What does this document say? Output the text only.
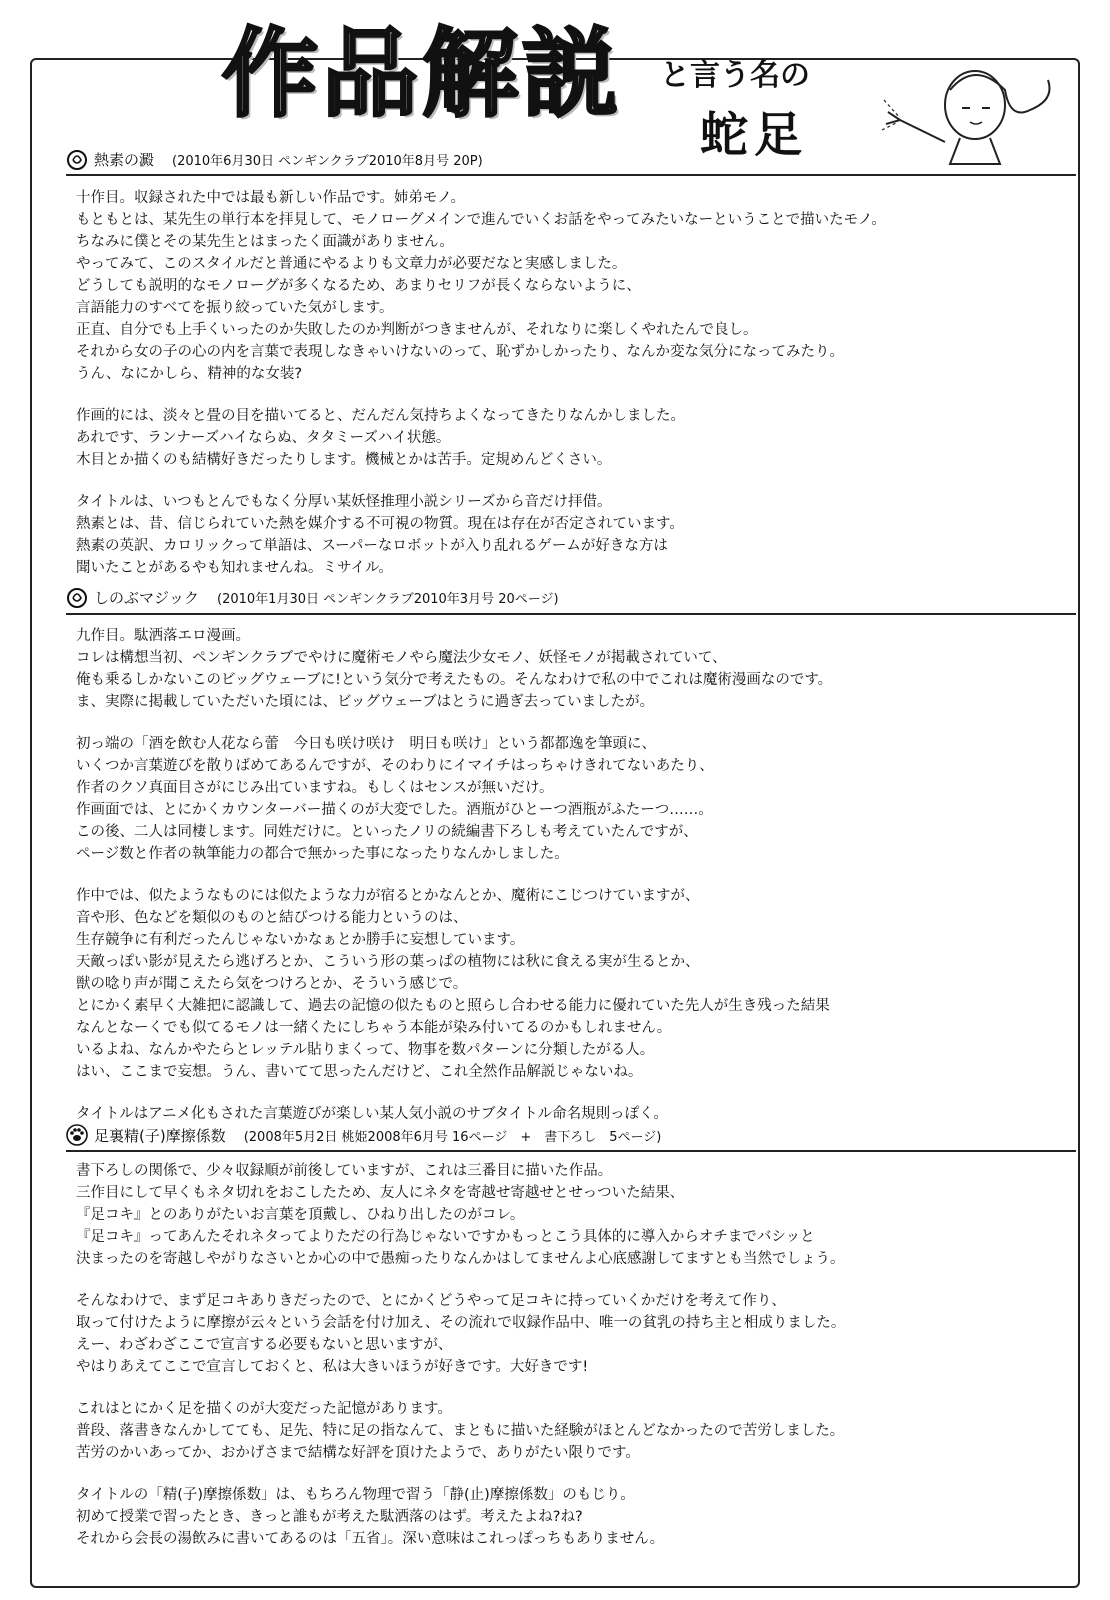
作品解説 と言う名の
蛇足
熱素の澱 (2010年6月30日 ペンギンクラブ2010年8月号 20P)

十作目。収録された中では最も新しい作品です。姉弟モノ。

もともとは、某先生の単行本を拝見して、モノローグメインで進んでいくお話をやってみたいなーということで描いたモノ。

ちなみに僕とその某先生とはまったく面識がありません。

やってみて、このスタイルだと普通にやるよりも文章力が必要だなと実感しました。

どうしても説明的なモノローグが多くなるため、あまりセリフが長くならないように、

言語能力のすべてを振り絞っていた気がします。

正直、自分でも上手くいったのか失敗したのか判断がつきませんが、それなりに楽しくやれたんで良し。

それから女の子の心の内を言葉で表現しなきゃいけないのって、恥ずかしかったり、なんか変な気分になってみたり。

うん、なにかしら、精神的な女装?

作画的には、淡々と畳の目を描いてると、だんだん気持ちよくなってきたりなんかしました。

あれです、ランナーズハイならぬ、タタミーズハイ状態。

木目とか描くのも結構好きだったりします。機械とかは苦手。定規めんどくさい。

タイトルは、いつもとんでもなく分厚い某妖怪推理小説シリーズから音だけ拝借。

熱素とは、昔、信じられていた熱を媒介する不可視の物質。現在は存在が否定されています。

熱素の英訳、カロリックって単語は、スーパーなロボットが入り乱れるゲームが好きな方は

聞いたことがあるやも知れませんね。ミサイル。

しのぶマジック (2010年1月30日 ペンギンクラブ2010年3月号 20ページ)

九作目。駄洒落エロ漫画。

コレは構想当初、ペンギンクラブでやけに魔術モノやら魔法少女モノ、妖怪モノが掲載されていて、

俺も乗るしかないこのビッグウェーブに!という気分で考えたもの。そんなわけで私の中でこれは魔術漫画なのです。

ま、実際に掲載していただいた頃には、ビッグウェーブはとうに過ぎ去っていましたが。

初っ端の「酒を飲む人花なら蕾　今日も咲け咲け　明日も咲け」という都都逸を筆頭に、

いくつか言葉遊びを散りばめてあるんですが、そのわりにイマイチはっちゃけきれてないあたり、

作者のクソ真面目さがにじみ出ていますね。もしくはセンスが無いだけ。

作画面では、とにかくカウンターバー描くのが大変でした。酒瓶がひとーつ酒瓶がふたーつ……。

この後、二人は同棲します。同姓だけに。といったノリの続編書下ろしも考えていたんですが、

ページ数と作者の執筆能力の都合で無かった事になったりなんかしました。

作中では、似たようなものには似たような力が宿るとかなんとか、魔術にこじつけていますが、

音や形、色などを類似のものと結びつける能力というのは、

生存競争に有利だったんじゃないかなぁとか勝手に妄想しています。

天敵っぽい影が見えたら逃げろとか、こういう形の葉っぱの植物には秋に食える実が生るとか、

獣の唸り声が聞こえたら気をつけろとか、そういう感じで。

とにかく素早く大雑把に認識して、過去の記憶の似たものと照らし合わせる能力に優れていた先人が生き残った結果

なんとなーくでも似てるモノは一緒くたにしちゃう本能が染み付いてるのかもしれません。

いるよね、なんかやたらとレッテル貼りまくって、物事を数パターンに分類したがる人。

はい、ここまで妄想。うん、書いてて思ったんだけど、これ全然作品解説じゃないね。

タイトルはアニメ化もされた言葉遊びが楽しい某人気小説のサブタイトル命名規則っぽく。

足裏精(子)摩擦係数 (2008年5月2日 桃姫2008年6月号 16ページ　+　書下ろし　5ページ)

書下ろしの関係で、少々収録順が前後していますが、これは三番目に描いた作品。

三作目にして早くもネタ切れをおこしたため、友人にネタを寄越せ寄越せとせっついた結果、

『足コキ』とのありがたいお言葉を頂戴し、ひねり出したのがコレ。

『足コキ』ってあんたそれネタってよりただの行為じゃないですかもっとこう具体的に導入からオチまでバシッと

決まったのを寄越しやがりなさいとか心の中で愚痴ったりなんかはしてませんよ心底感謝してますとも当然でしょう。

そんなわけで、まず足コキありきだったので、とにかくどうやって足コキに持っていくかだけを考えて作り、

取って付けたように摩擦が云々という会話を付け加え、その流れで収録作品中、唯一の貧乳の持ち主と相成りました。

えー、わざわざここで宣言する必要もないと思いますが、

やはりあえてここで宣言しておくと、私は大きいほうが好きです。大好きです!

これはとにかく足を描くのが大変だった記憶があります。

普段、落書きなんかしてても、足先、特に足の指なんて、まともに描いた経験がほとんどなかったので苦労しました。

苦労のかいあってか、おかげさまで結構な好評を頂けたようで、ありがたい限りです。

タイトルの「精(子)摩擦係数」は、もちろん物理で習う「静(止)摩擦係数」のもじり。

初めて授業で習ったとき、きっと誰もが考えた駄洒落のはず。考えたよね?ね?

それから会長の湯飲みに書いてあるのは「五省」。深い意味はこれっぽっちもありません。
